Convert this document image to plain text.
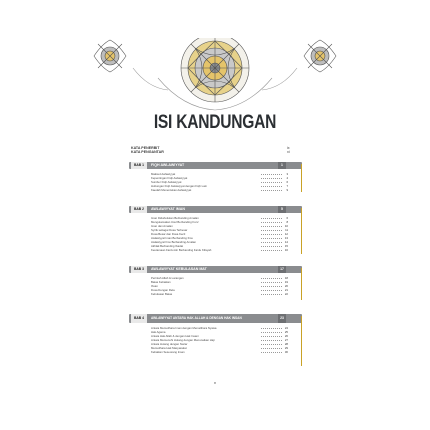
ISI KANDUNGAN
KATA PENERBIT	ix
KATA PENGANTAR	xi
BAB 1	FIQH AWLAWIYYAT	1
Maksud Awlawiyyat	3
Kepentingan Fiqh Awlawiyyat	4
Sumber Fiqh Awlawiyyat	6
Hubungan Fiqh Awlawiyyat dengan Fiqh Lain	7
Kaedah Menentukan Awlawiyyat	9
BAB 2	AWLAWIYYAT IMAN	5
Iman Didahulukan Berbanding Amalan	6
Mengutamakan Usul Berbanding Furu'	8
Iman dan Amalan	10
Syirik sebagai Dosa Terbesar	11
Dosa Besar dan Dosa Kecil	12
Awlawiyyat Iman Berbanding Ilmu	13
Awlawiyyat Ilmu Berbanding Amalan	14
Akhlak Berbanding Ibadat	15
Keutamaan Fardu Ain Berbanding Fardu Kifayah	16
BAB 3	AWLAWIYYAT KEBULASAN MAT	17
Perintah Allah & Larangan	18
Batas Kebaikan	19
Ihsan	20
Dosa Dengan Rela	21
Kebulasan Batas	22
BAB 4	AWLAWIYYAT ANTARA HAK ALLAH & DENGAN HAK INSAN	23
Antara Memelihara Iman dengan Memelihara Nyawa	24
Hak Agama	25
Antara Hak Allah & dengan Hak Insani	26
Antara Memenuhi Hutang dengan Menunaikan Haji	27
Antara Hutang dengan Nazar	28
Memelihara Hak Masyarakat	29
Kebaikan Seseorang Insan	30
v
